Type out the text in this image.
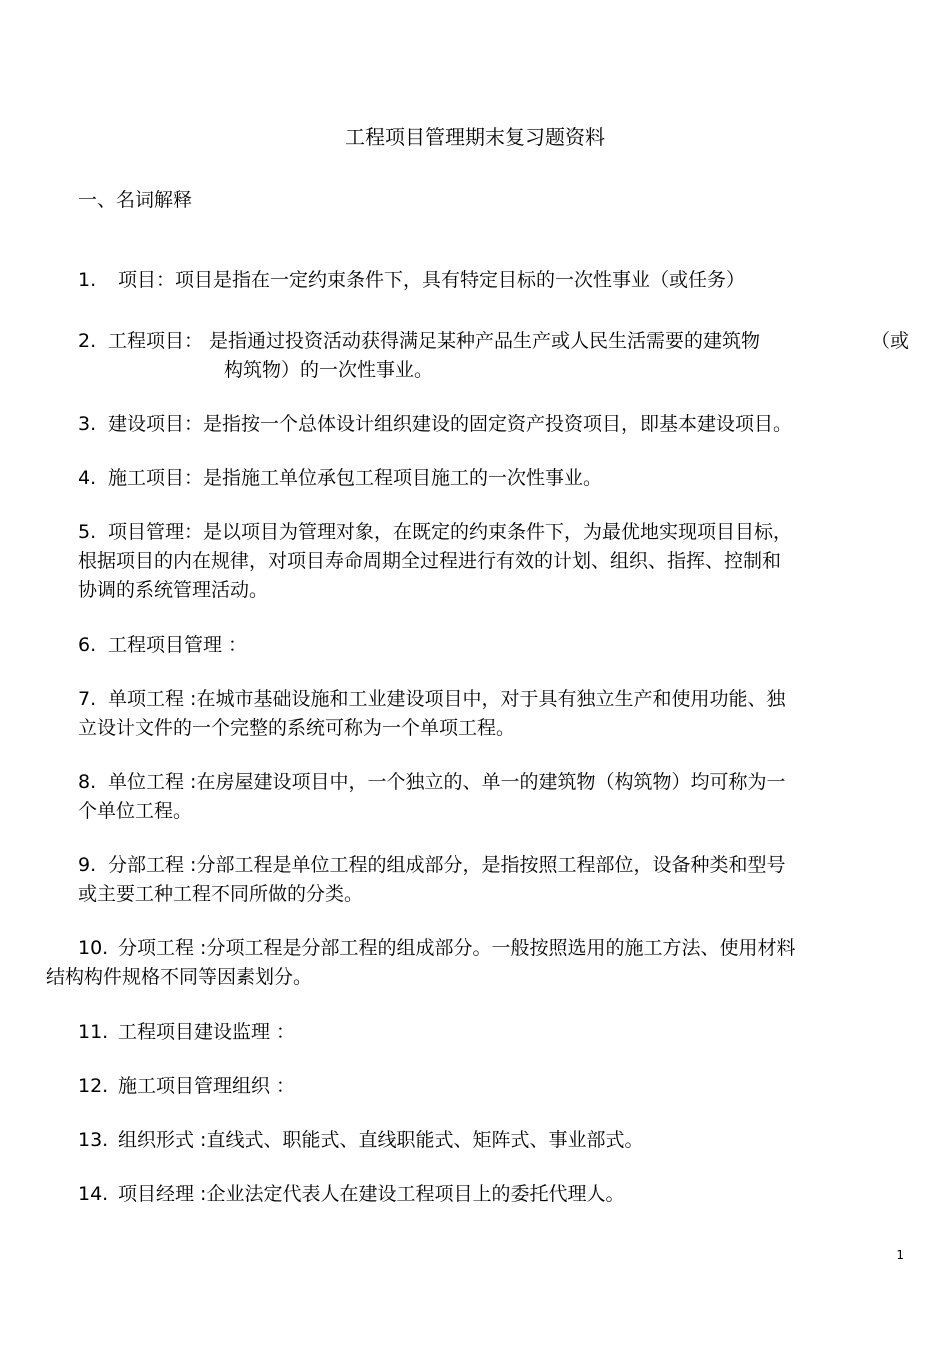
工程项目管理期末复习题资料
一、名词解释
1. 项目：项目是指在一定约束条件下，具有特定目标的一次性事业（或任务）
2. 工程项目： 是指通过投资活动获得满足某种产品生产或人民生活需要的建筑物	（或
构筑物）的一次性事业。
3. 建设项目：是指按一个总体设计组织建设的固定资产投资项目，即基本建设项目。
4. 施工项目：是指施工单位承包工程项目施工的一次性事业。
5. 项目管理：是以项目为管理对象，在既定的约束条件下，为最优地实现项目目标，
根据项目的内在规律，对项目寿命周期全过程进行有效的计划、组织、指挥、控制和
协调的系统管理活动。
6. 工程项目管理 ：
7. 单项工程 :在城市基础设施和工业建设项目中，对于具有独立生产和使用功能、独
立设计文件的一个完整的系统可称为一个单项工程。
8. 单位工程 :在房屋建设项目中，一个独立的、单一的建筑物（构筑物）均可称为一
个单位工程。
9. 分部工程 :分部工程是单位工程的组成部分，是指按照工程部位，设备种类和型号
或主要工种工程不同所做的分类。
10. 分项工程 :分项工程是分部工程的组成部分。一般按照选用的施工方法、使用材料
结构构件规格不同等因素划分。
11. 工程项目建设监理 ：
12. 施工项目管理组织 ：
13. 组织形式 :直线式、职能式、直线职能式、矩阵式、事业部式。
14. 项目经理 :企业法定代表人在建设工程项目上的委托代理人。
1
